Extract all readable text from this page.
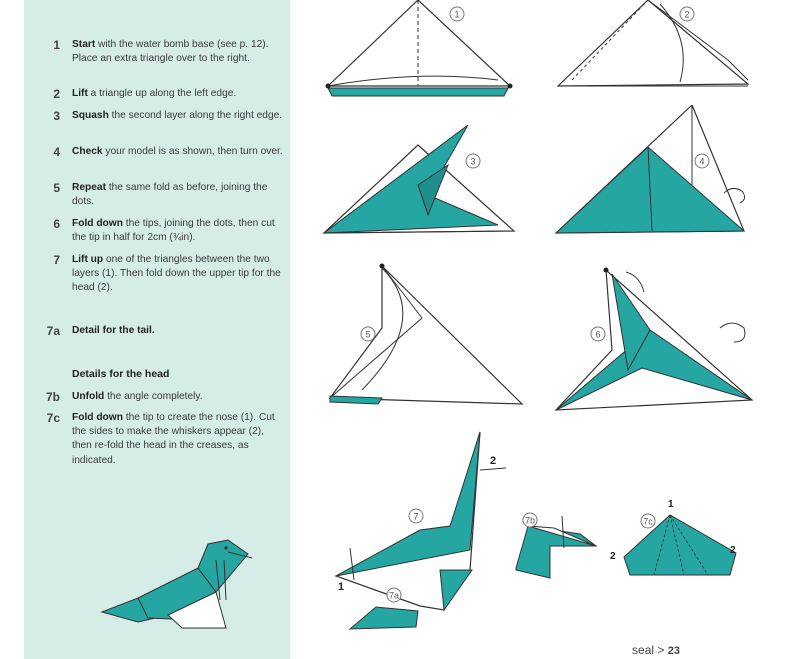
1 Start with the water bomb base (see p. 12). Place an extra triangle over to the right.
2 Lift a triangle up along the left edge.
3 Squash the second layer along the right edge.
4 Check your model is as shown, then turn over.
5 Repeat the same fold as before, joining the dots.
6 Fold down the tips, joining the dots, then cut the tip in half for 2cm (¾in).
7 Lift up one of the triangles between the two layers (1). Then fold down the upper tip for the head (2).
7a Detail for the tail.
Details for the head
7b Unfold the angle completely.
7c Fold down the tip to create the nose (1). Cut the sides to make the whiskers appear (2), then re-fold the head in the creases, as indicated.
1	2
3	4
5	6
2
1
7
7a
7b
1
2
2
7c
seal > 23
